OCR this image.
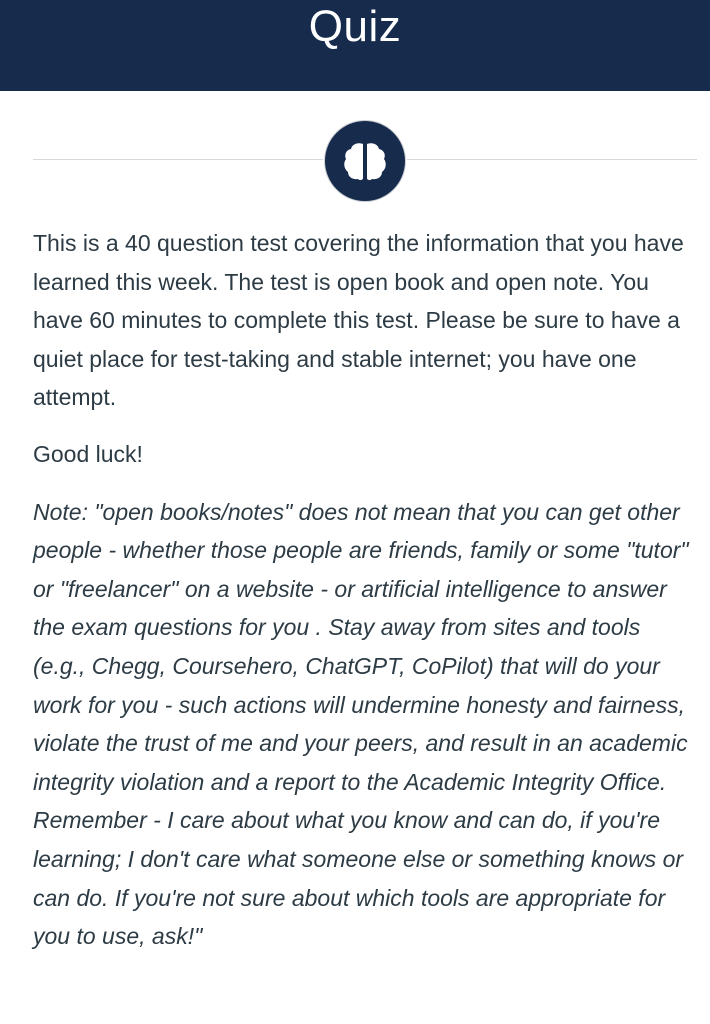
Quiz

This is a 40 question test covering the information that you have learned this week. The test is open book and open note. You have 60 minutes to complete this test. Please be sure to have a quiet place for test-taking and stable internet; you have one attempt.

Good luck!

Note: "open books/notes" does not mean that you can get other people - whether those people are friends, family or some "tutor" or "freelancer" on a website - or artificial intelligence to answer the exam questions for you . Stay away from sites and tools (e.g., Chegg, Coursehero, ChatGPT, CoPilot) that will do your work for you - such actions will undermine honesty and fairness, violate the trust of me and your peers, and result in an academic integrity violation and a report to the Academic Integrity Office. Remember - I care about what you know and can do, if you're learning; I don't care what someone else or something knows or can do. If you're not sure about which tools are appropriate for you to use, ask!"
